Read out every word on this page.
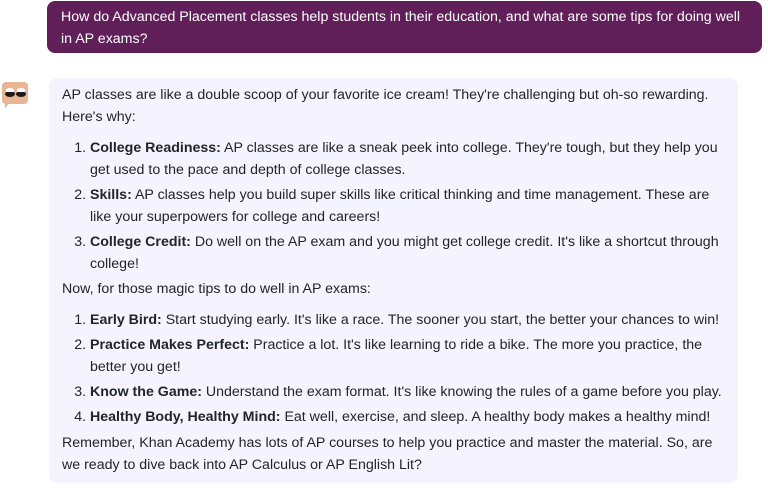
How do Advanced Placement classes help students in their education, and what are some tips for doing well in AP exams?

AP classes are like a double scoop of your favorite ice cream! They're challenging but oh-so rewarding. Here's why:

1. College Readiness: AP classes are like a sneak peek into college. They're tough, but they help you get used to the pace and depth of college classes.
2. Skills: AP classes help you build super skills like critical thinking and time management. These are like your superpowers for college and careers!
3. College Credit: Do well on the AP exam and you might get college credit. It's like a shortcut through college!

Now, for those magic tips to do well in AP exams:

1. Early Bird: Start studying early. It's like a race. The sooner you start, the better your chances to win!
2. Practice Makes Perfect: Practice a lot. It's like learning to ride a bike. The more you practice, the better you get!
3. Know the Game: Understand the exam format. It's like knowing the rules of a game before you play.
4. Healthy Body, Healthy Mind: Eat well, exercise, and sleep. A healthy body makes a healthy mind!

Remember, Khan Academy has lots of AP courses to help you practice and master the material. So, are we ready to dive back into AP Calculus or AP English Lit?
